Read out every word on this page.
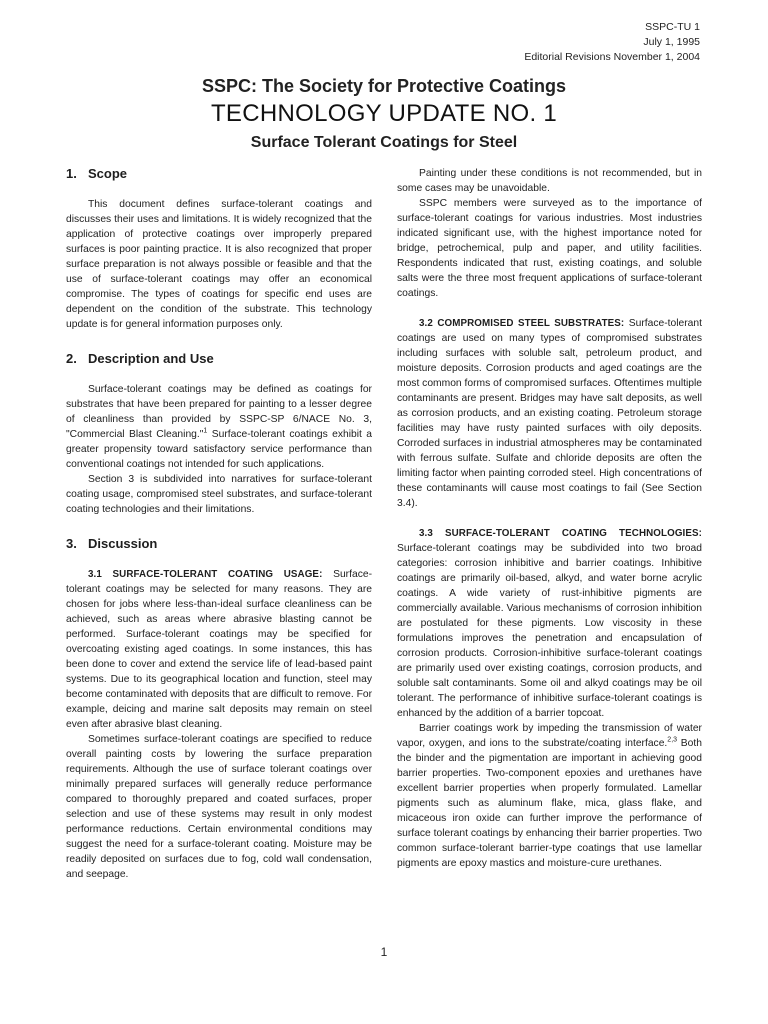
SSPC-TU 1
July 1, 1995
Editorial Revisions November 1, 2004
SSPC: The Society for Protective Coatings
TECHNOLOGY UPDATE NO. 1
Surface Tolerant Coatings for Steel
1. Scope

This document defines surface-tolerant coatings and discusses their uses and limitations. It is widely recognized that the application of protective coatings over improperly prepared surfaces is poor painting practice. It is also recognized that proper surface preparation is not always possible or feasible and that the use of surface-tolerant coatings may offer an economical compromise. The types of coatings for specific end uses are dependent on the condition of the substrate. This technology update is for general information purposes only.

2. Description and Use

Surface-tolerant coatings may be defined as coatings for substrates that have been prepared for painting to a lesser degree of cleanliness than provided by SSPC-SP 6/NACE No. 3, "Commercial Blast Cleaning."$^1$ Surface-tolerant coatings exhibit a greater propensity toward satisfactory service performance than conventional coatings not intended for such applications.

Section 3 is subdivided into narratives for surface-tolerant coating usage, compromised steel substrates, and surface-tolerant coating technologies and their limitations.

3. Discussion

3.1 SURFACE-TOLERANT COATING USAGE: Surface-tolerant coatings may be selected for many reasons. They are chosen for jobs where less-than-ideal surface cleanliness can be achieved, such as areas where abrasive blasting cannot be performed. Surface-tolerant coatings may be specified for overcoating existing aged coatings. In some instances, this has been done to cover and extend the service life of lead-based paint systems. Due to its geographical location and function, steel may become contaminated with deposits that are difficult to remove. For example, deicing and marine salt deposits may remain on steel even after abrasive blast cleaning.

Sometimes surface-tolerant coatings are specified to reduce overall painting costs by lowering the surface preparation requirements. Although the use of surface tolerant coatings over minimally prepared surfaces will generally reduce performance compared to thoroughly prepared and coated surfaces, proper selection and use of these systems may result in only modest performance reductions. Certain environmental conditions may suggest the need for a surface-tolerant coating. Moisture may be readily deposited on surfaces due to fog, cold wall condensation, and seepage.

Painting under these conditions is not recommended, but in some cases may be unavoidable.

SSPC members were surveyed as to the importance of surface-tolerant coatings for various industries. Most industries indicated significant use, with the highest importance noted for bridge, petrochemical, pulp and paper, and utility facilities. Respondents indicated that rust, existing coatings, and soluble salts were the three most frequent applications of surface-tolerant coatings.

3.2 COMPROMISED STEEL SUBSTRATES: Surface-tolerant coatings are used on many types of compromised substrates including surfaces with soluble salt, petroleum product, and moisture deposits. Corrosion products and aged coatings are the most common forms of compromised surfaces. Oftentimes multiple contaminants are present. Bridges may have salt deposits, as well as corrosion products, and an existing coating. Petroleum storage facilities may have rusty painted surfaces with oily deposits. Corroded surfaces in industrial atmospheres may be contaminated with ferrous sulfate. Sulfate and chloride deposits are often the limiting factor when painting corroded steel. High concentrations of these contaminants will cause most coatings to fail (See Section 3.4).

3.3 SURFACE-TOLERANT COATING TECHNOLOGIES: Surface-tolerant coatings may be subdivided into two broad categories: corrosion inhibitive and barrier coatings. Inhibitive coatings are primarily oil-based, alkyd, and water borne acrylic coatings. A wide variety of rust-inhibitive pigments are commercially available. Various mechanisms of corrosion inhibition are postulated for these pigments. Low viscosity in these formulations improves the penetration and encapsulation of corrosion products. Corrosion-inhibitive surface-tolerant coatings are primarily used over existing coatings, corrosion products, and soluble salt contaminants. Some oil and alkyd coatings may be oil tolerant. The performance of inhibitive surface-tolerant coatings is enhanced by the addition of a barrier topcoat.

Barrier coatings work by impeding the transmission of water vapor, oxygen, and ions to the substrate/coating interface.$^{2,3}$ Both the binder and the pigmentation are important in achieving good barrier properties. Two-component epoxies and urethanes have excellent barrier properties when properly formulated. Lamellar pigments such as aluminum flake, mica, glass flake, and micaceous iron oxide can further improve the performance of surface tolerant coatings by enhancing their barrier properties. Two common surface-tolerant barrier-type coatings that use lamellar pigments are epoxy mastics and moisture-cure urethanes.

1
